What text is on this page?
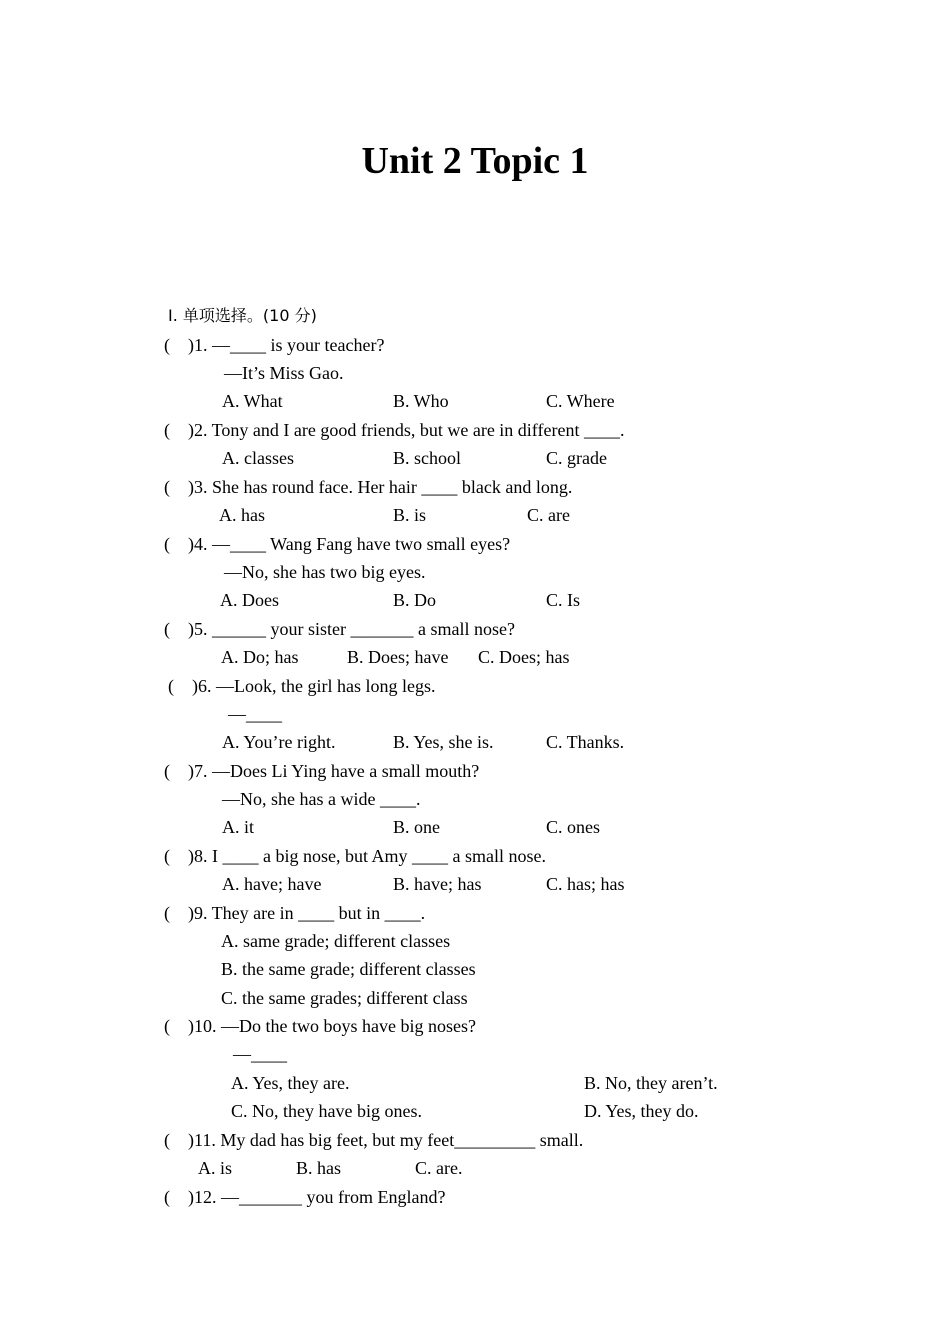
Unit 2 Topic 1
Ⅰ. 单项选择。(10 分)
(    )1. —____ is your teacher?
—It’s Miss Gao.
A. What	B. Who	C. Where
(    )2. Tony and I are good friends, but we are in different ____.
A. classes	B. school	C. grade
(    )3. She has round face. Her hair ____ black and long.
A. has	B. is	C. are
(    )4. —____ Wang Fang have two small eyes?
—No, she has two big eyes.
A. Does	B. Do	C. Is
(    )5. ______ your sister _______ a small nose?
A. Do; has	B. Does; have C. Does; has
(    )6. —Look, the girl has long legs.
—____
A. You’re right.	B. Yes, she is.	C. Thanks.
(    )7. —Does Li Ying have a small mouth?
—No, she has a wide ____.
A. it	B. one	C. ones
(    )8. I ____ a big nose, but Amy ____ a small nose.
A. have; have	B. have; has	C. has; has
(    )9. They are in ____ but in ____.
A. same grade; different classes
B. the same grade; different classes
C. the same grades; different class
(    )10. —Do the two boys have big noses?
—____
A. Yes, they are.	B. No, they aren’t.
C. No, they have big ones.	D. Yes, they do.
(    )11. My dad has big feet, but my feet_________ small.
A. is	B. has	C. are.
(    )12. —_______ you from England?
